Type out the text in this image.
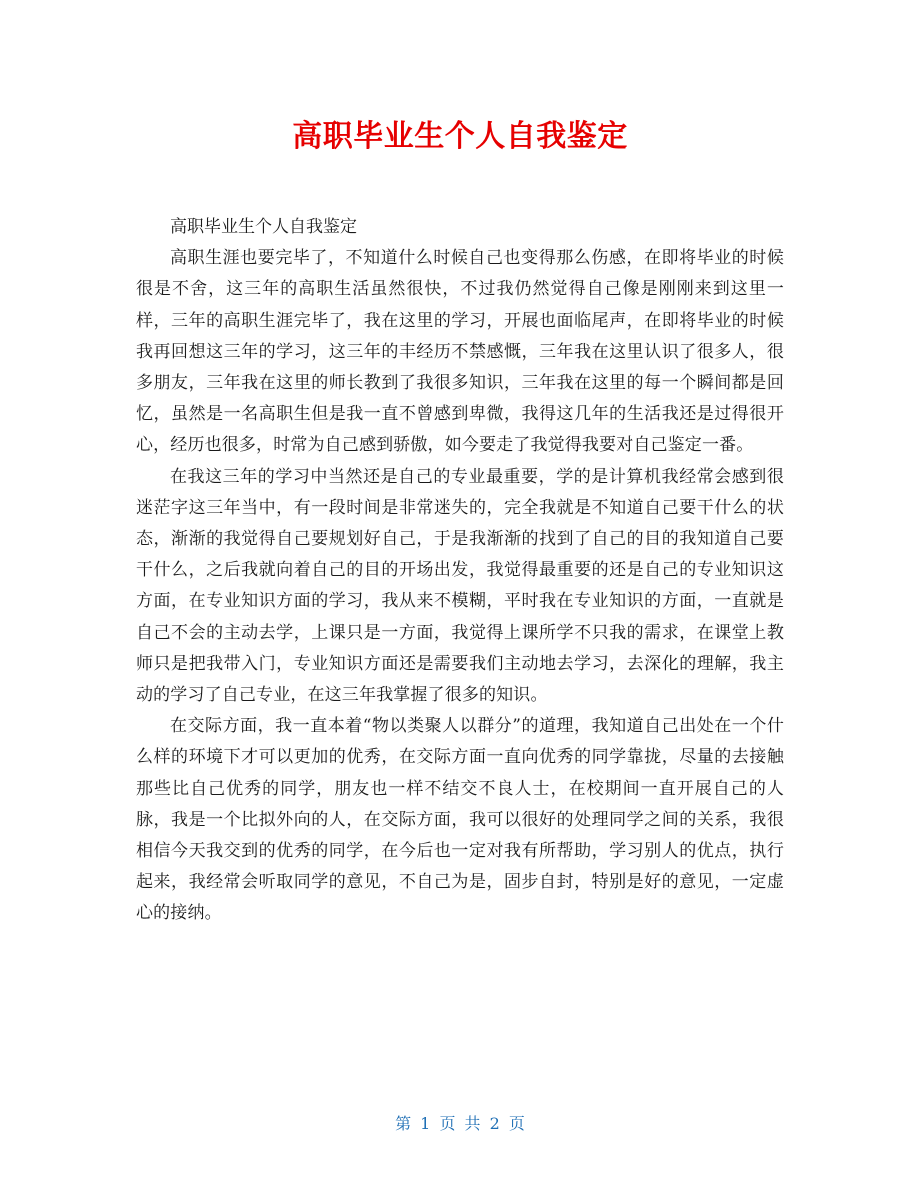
高职毕业生个人自我鉴定

高职毕业生个人自我鉴定

高职生涯也要完毕了，不知道什么时候自己也变得那么伤感，在即将毕业的时候很是不舍，这三年的高职生活虽然很快，不过我仍然觉得自己像是刚刚来到这里一样，三年的高职生涯完毕了，我在这里的学习，开展也面临尾声，在即将毕业的时候我再回想这三年的学习，这三年的丰经历不禁感慨，三年我在这里认识了很多人，很多朋友，三年我在这里的师长教到了我很多知识，三年我在这里的每一个瞬间都是回忆，虽然是一名高职生但是我一直不曾感到卑微，我得这几年的生活我还是过得很开心，经历也很多，时常为自己感到骄傲，如今要走了我觉得我要对自己鉴定一番。

在我这三年的学习中当然还是自己的专业最重要，学的是计算机我经常会感到很迷茫字这三年当中，有一段时间是非常迷失的，完全我就是不知道自己要干什么的状态，渐渐的我觉得自己要规划好自己，于是我渐渐的找到了自己的目的我知道自己要干什么，之后我就向着自己的目的开场出发，我觉得最重要的还是自己的专业知识这方面，在专业知识方面的学习，我从来不模糊，平时我在专业知识的方面，一直就是自己不会的主动去学，上课只是一方面，我觉得上课所学不只我的需求，在课堂上教师只是把我带入门，专业知识方面还是需要我们主动地去学习，去深化的理解，我主动的学习了自己专业，在这三年我掌握了很多的知识。

在交际方面，我一直本着“物以类聚人以群分”的道理，我知道自己出处在一个什么样的环境下才可以更加的优秀，在交际方面一直向优秀的同学靠拢，尽量的去接触那些比自己优秀的同学，朋友也一样不结交不良人士，在校期间一直开展自己的人脉，我是一个比拟外向的人，在交际方面，我可以很好的处理同学之间的关系，我很相信今天我交到的优秀的同学，在今后也一定对我有所帮助，学习别人的优点，执行起来，我经常会听取同学的意见，不自己为是，固步自封，特别是好的意见，一定虚心的接纳。

第 1 页 共 2 页
